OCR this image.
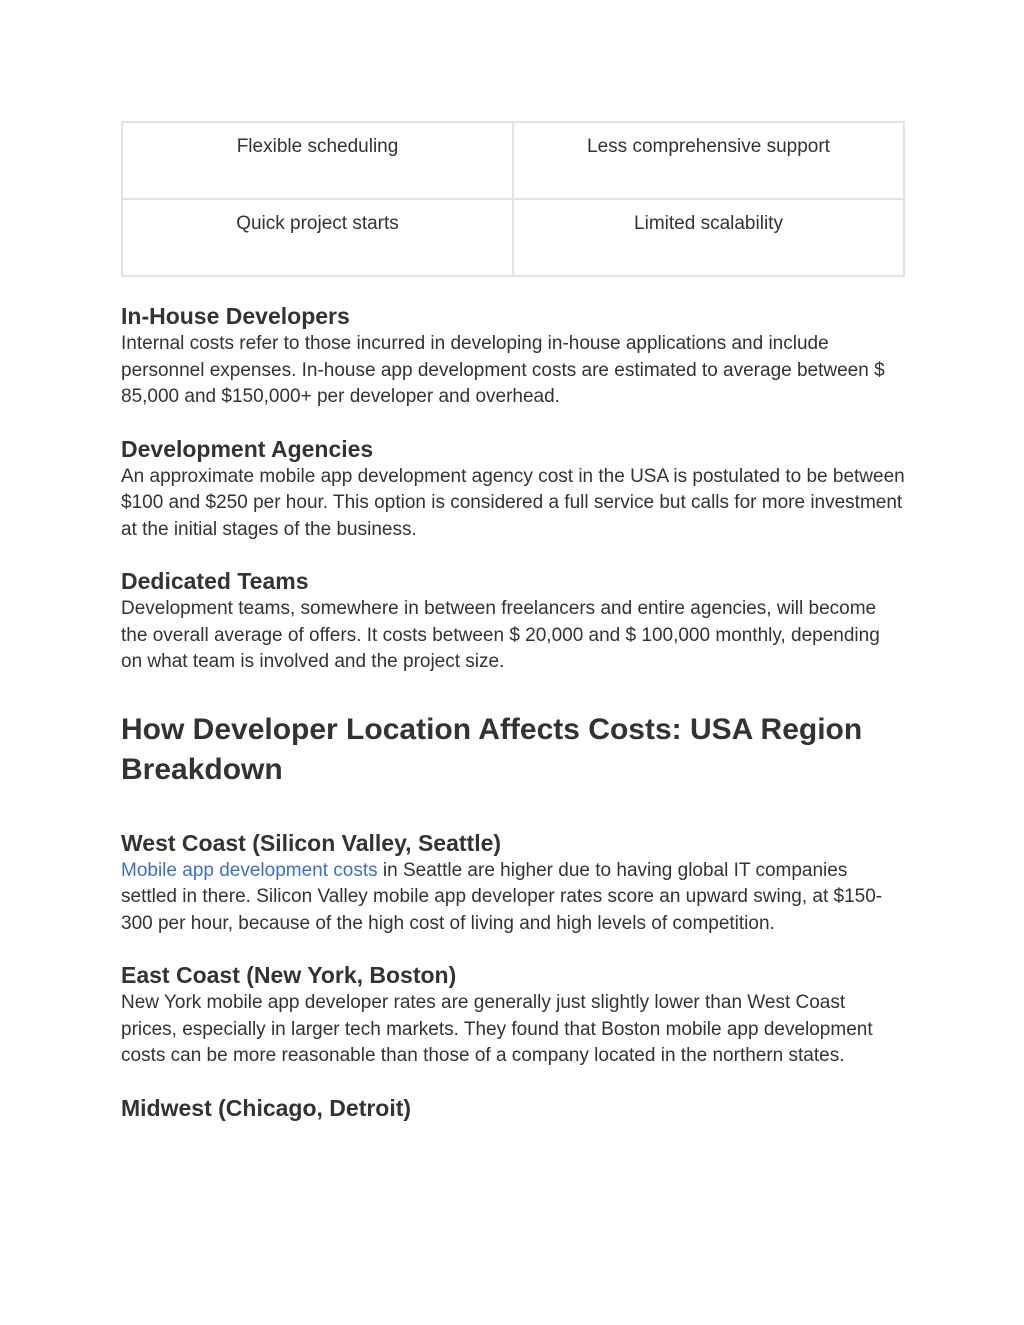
Flexible scheduling	Less comprehensive support
Quick project starts	Limited scalability
In-House Developers

Internal costs refer to those incurred in developing in-house applications and include personnel expenses. In-house app development costs are estimated to average between $ 85,000 and $150,000+ per developer and overhead.

Development Agencies

An approximate mobile app development agency cost in the USA is postulated to be between $100 and $250 per hour. This option is considered a full service but calls for more investment at the initial stages of the business.

Dedicated Teams

Development teams, somewhere in between freelancers and entire agencies, will become the overall average of offers. It costs between $ 20,000 and $ 100,000 monthly, depending on what team is involved and the project size.

How Developer Location Affects Costs: USA Region Breakdown
West Coast (Silicon Valley, Seattle)

Mobile app development costs in Seattle are higher due to having global IT companies settled in there. Silicon Valley mobile app developer rates score an upward swing, at $150-300 per hour, because of the high cost of living and high levels of competition.

East Coast (New York, Boston)

New York mobile app developer rates are generally just slightly lower than West Coast prices, especially in larger tech markets. They found that Boston mobile app development costs can be more reasonable than those of a company located in the northern states.

Midwest (Chicago, Detroit)
